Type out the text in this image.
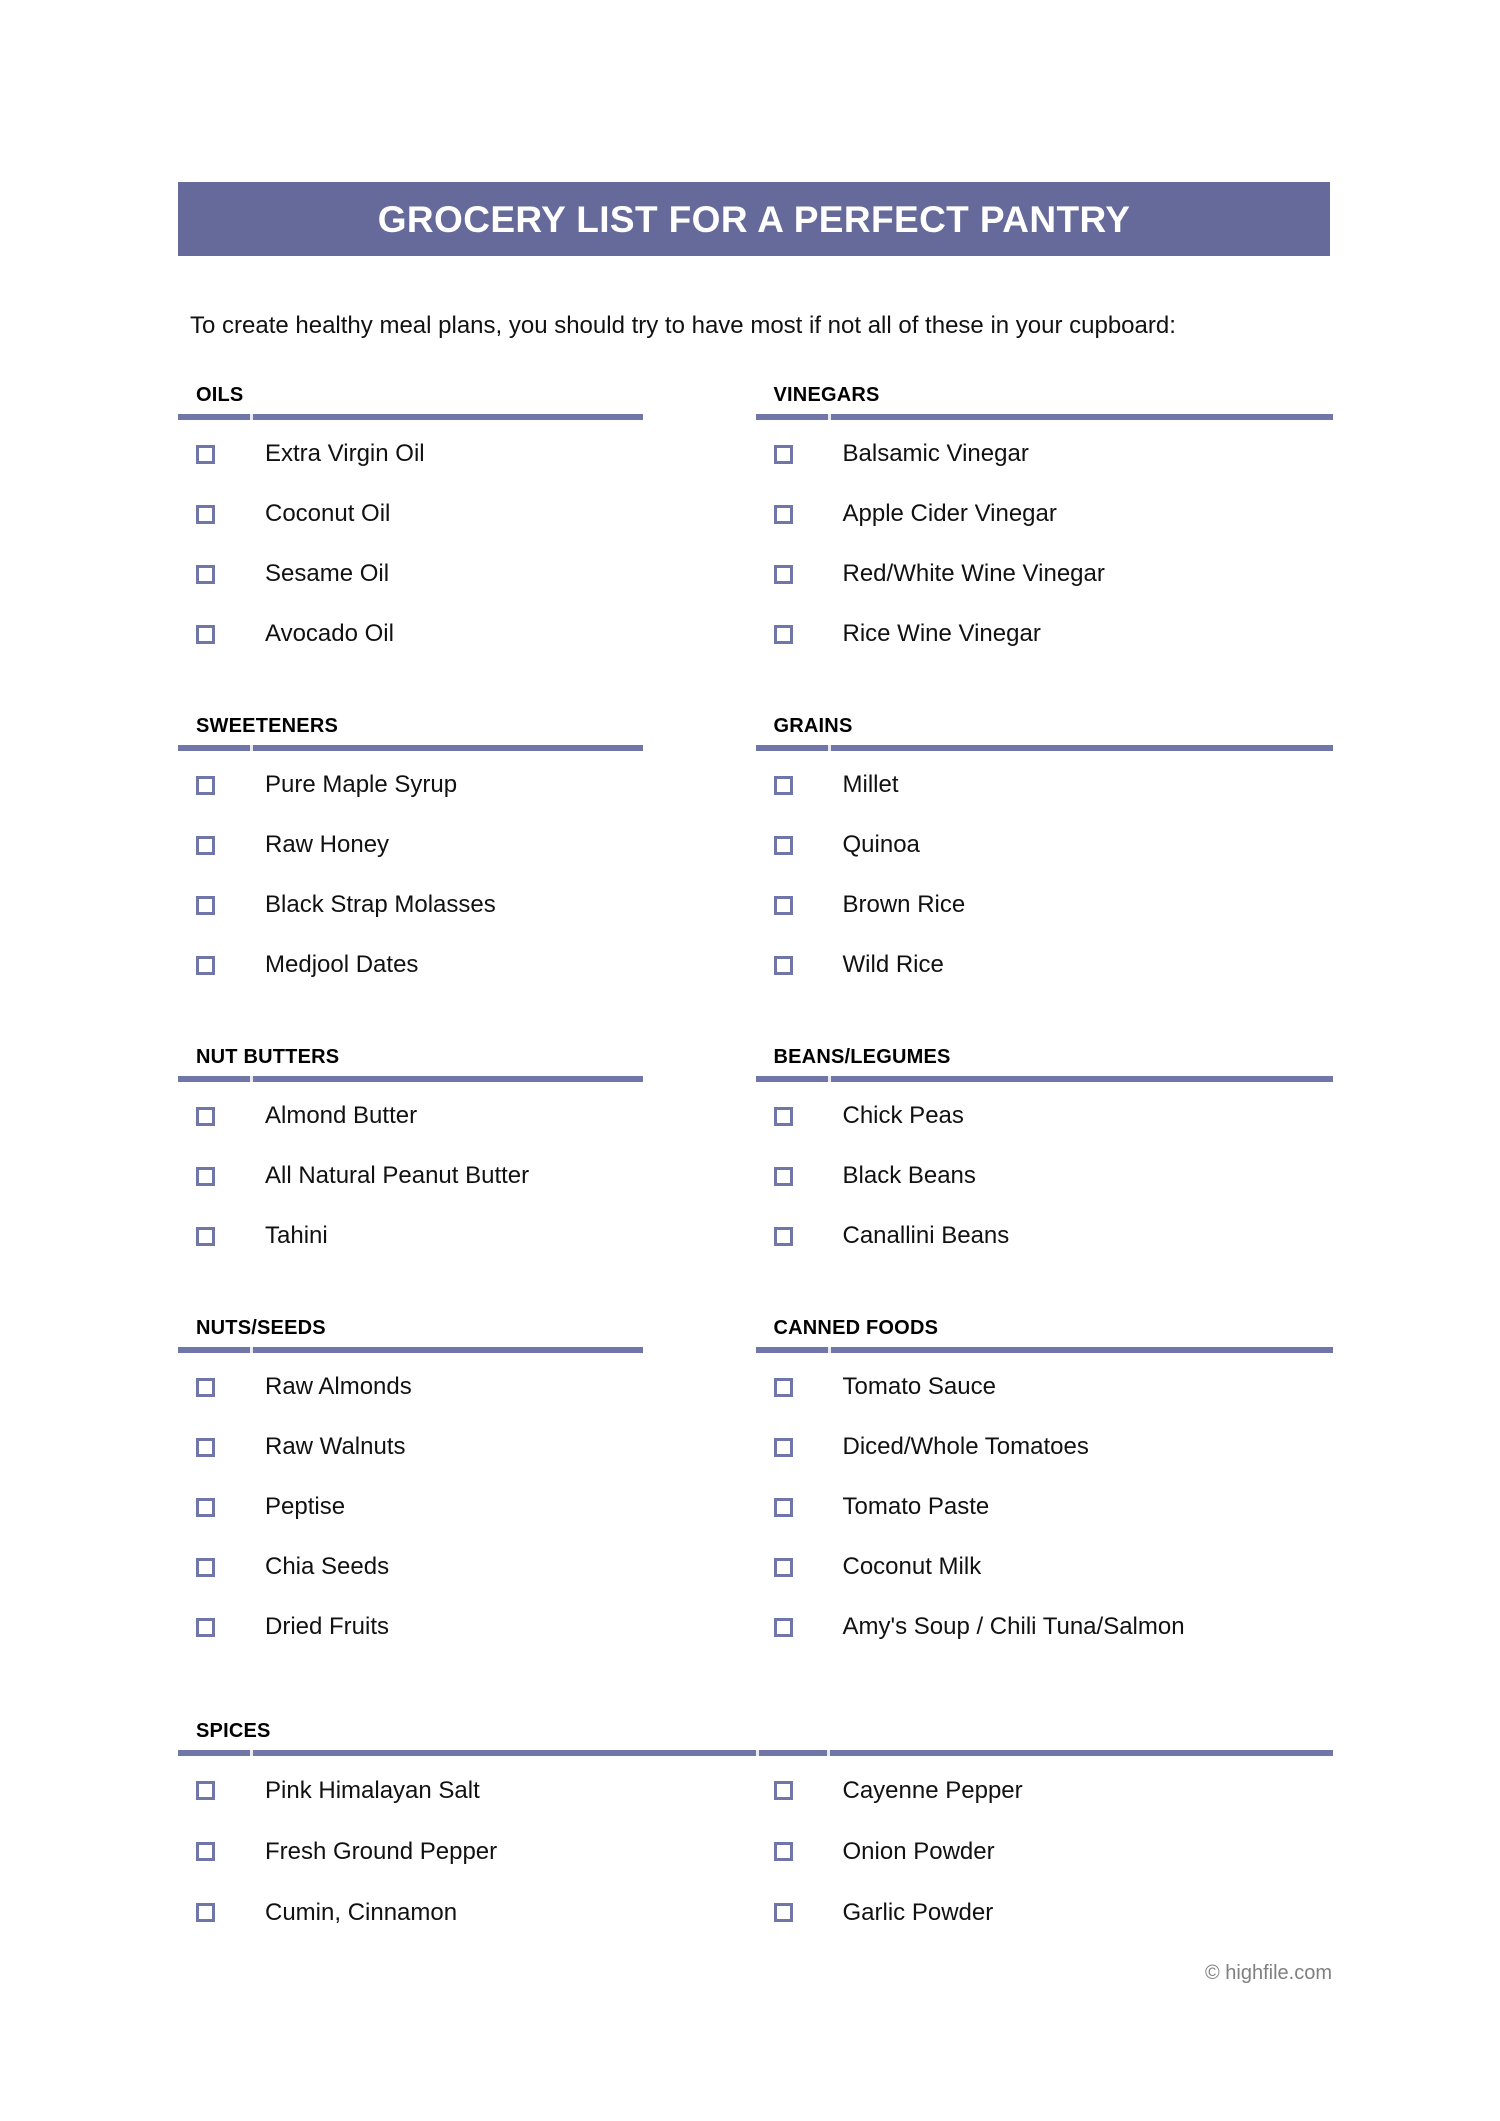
GROCERY LIST FOR A PERFECT PANTRY

To create healthy meal plans, you should try to have most if not all of these in your cupboard:

OILS
Extra Virgin Oil
Coconut Oil
Sesame Oil
Avocado Oil
VINEGARS
Balsamic Vinegar
Apple Cider Vinegar
Red/White Wine Vinegar
Rice Wine Vinegar
SWEETENERS
Pure Maple Syrup
Raw Honey
Black Strap Molasses
Medjool Dates
GRAINS
Millet
Quinoa
Brown Rice
Wild Rice
NUT BUTTERS
Almond Butter
All Natural Peanut Butter
Tahini
BEANS/LEGUMES
Chick Peas
Black Beans
Canallini Beans
NUTS/SEEDS
Raw Almonds
Raw Walnuts
Peptise
Chia Seeds
Dried Fruits
CANNED FOODS
Tomato Sauce
Diced/Whole Tomatoes
Tomato Paste
Coconut Milk
Amy's Soup / Chili Tuna/Salmon
SPICES
Pink Himalayan Salt	Cayenne Pepper
Fresh Ground Pepper	Onion Powder
Cumin, Cinnamon	Garlic Powder
© highfile.com
